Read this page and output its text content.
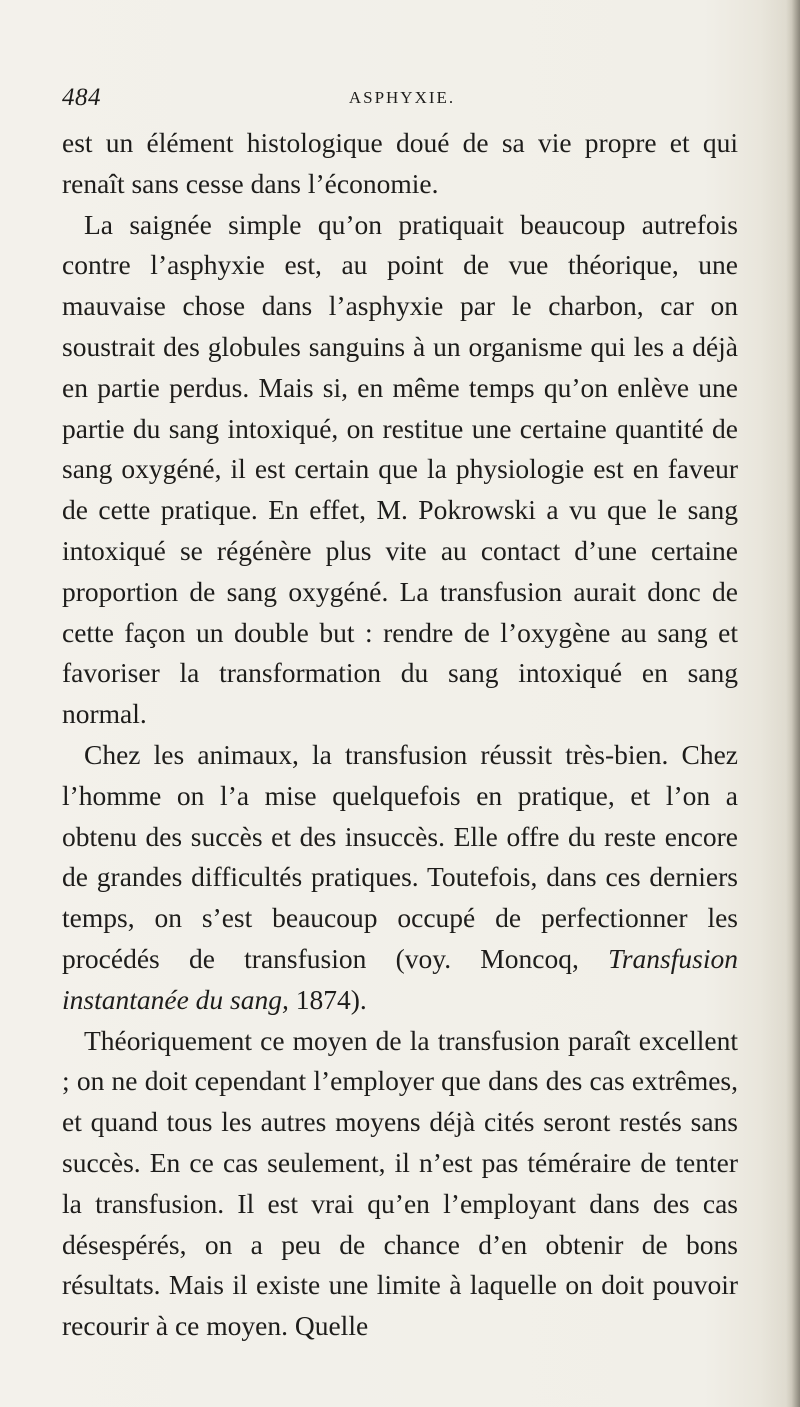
484	ASPHYXIE.

est un élément histologique doué de sa vie propre et qui renaît sans cesse dans l’économie.

La saignée simple qu’on pratiquait beaucoup autrefois contre l’asphyxie est, au point de vue théorique, une mauvaise chose dans l’asphyxie par le charbon, car on soustrait des globules sanguins à un organisme qui les a déjà en partie perdus. Mais si, en même temps qu’on enlève une partie du sang intoxiqué, on restitue une certaine quantité de sang oxygéné, il est certain que la physiologie est en faveur de cette pratique. En effet, M. Pokrowski a vu que le sang intoxiqué se régénère plus vite au contact d’une certaine proportion de sang oxygéné. La transfusion aurait donc de cette façon un double but : rendre de l’oxygène au sang et favoriser la transformation du sang intoxiqué en sang normal.

Chez les animaux, la transfusion réussit très-bien. Chez l’homme on l’a mise quelquefois en pratique, et l’on a obtenu des succès et des insuccès. Elle offre du reste encore de grandes difficultés pratiques. Toutefois, dans ces derniers temps, on s’est beaucoup occupé de perfectionner les procédés de transfusion (voy. Moncoq, Transfusion instantanée du sang, 1874).

Théoriquement ce moyen de la transfusion paraît excellent ; on ne doit cependant l’employer que dans des cas extrêmes, et quand tous les autres moyens déjà cités seront restés sans succès. En ce cas seulement, il n’est pas téméraire de tenter la transfusion. Il est vrai qu’en l’employant dans des cas désespérés, on a peu de chance d’en obtenir de bons résultats. Mais il existe une limite à laquelle on doit pouvoir recourir à ce moyen. Quelle
